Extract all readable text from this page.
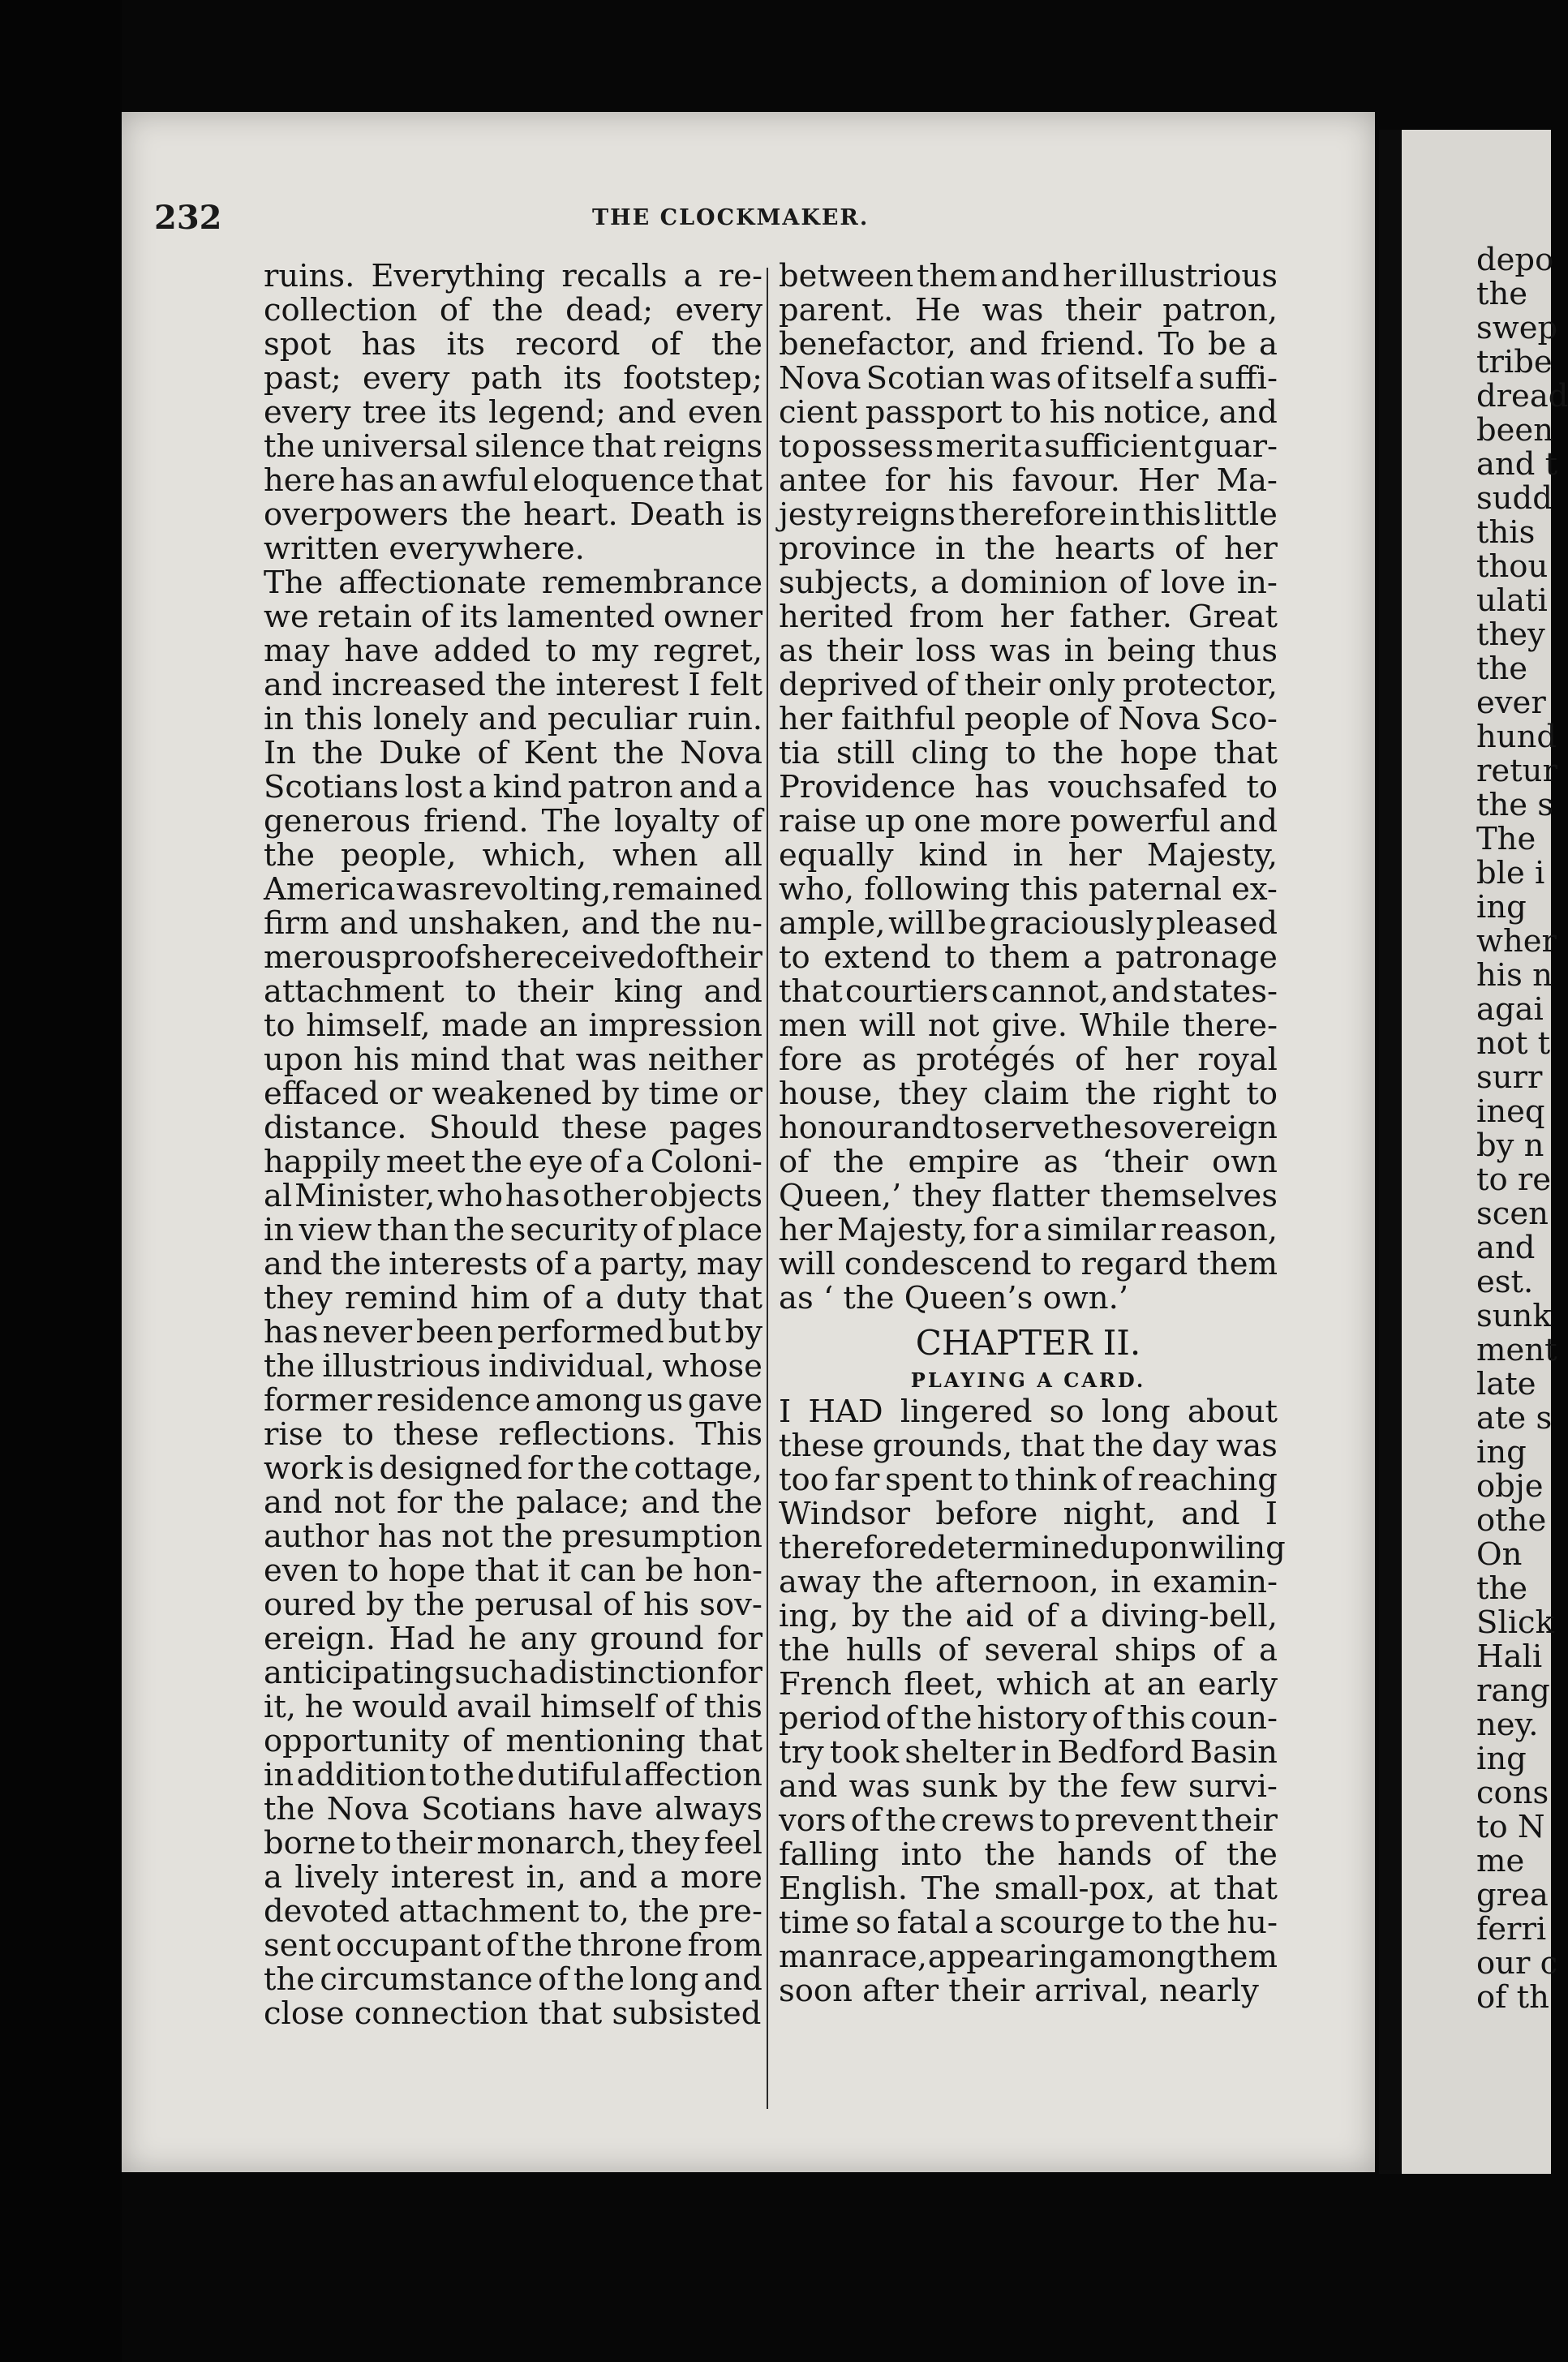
232	THE CLOCKMAKER.
ruins. Everything recalls a re-
collection of the dead; every
spot has its record of the
past; every path its footstep;
every tree its legend; and even
the universal silence that reigns
here has an awful eloquence that
overpowers the heart. Death is
written everywhere.
The affectionate remembrance
we retain of its lamented owner
may have added to my regret,
and increased the interest I felt
in this lonely and peculiar ruin.
In the Duke of Kent the Nova
Scotians lost a kind patron and a
generous friend. The loyalty of
the people, which, when all
America was revolting, remained
firm and unshaken, and the nu-
merous proofs he received of their
attachment to their king and
to himself, made an impression
upon his mind that was neither
effaced or weakened by time or
distance. Should these pages
happily meet the eye of a Coloni-
al Minister, who has other objects
in view than the security of place
and the interests of a party, may
they remind him of a duty that
has never been performed but by
the illustrious individual, whose
former residence among us gave
rise to these reflections. This
work is designed for the cottage,
and not for the palace; and the
author has not the presumption
even to hope that it can be hon-
oured by the perusal of his sov-
ereign. Had he any ground for
anticipating such a distinction for
it, he would avail himself of this
opportunity of mentioning that
in addition to the dutiful affection
the Nova Scotians have always
borne to their monarch, they feel
a lively interest in, and a more
devoted attachment to, the pre-
sent occupant of the throne from
the circumstance of the long and
close connection that subsisted
between them and her illustrious
parent. He was their patron,
benefactor, and friend. To be a
Nova Scotian was of itself a suffi-
cient passport to his notice, and
to possess merit a sufficient guar-
antee for his favour. Her Ma-
jesty reigns therefore in this little
province in the hearts of her
subjects, a dominion of love in-
herited from her father. Great
as their loss was in being thus
deprived of their only protector,
her faithful people of Nova Sco-
tia still cling to the hope that
Providence has vouchsafed to
raise up one more powerful and
equally kind in her Majesty,
who, following this paternal ex-
ample, will be graciously pleased
to extend to them a patronage
that courtiers cannot, and states-
men will not give. While there-
fore as protégés of her royal
house, they claim the right to
honour and to serve the sovereign
of the empire as ‘their own
Queen,’ they flatter themselves
her Majesty, for a similar reason,
will condescend to regard them
as ‘ the Queen’s own.’
CHAPTER II.
PLAYING A CARD.
I HAD lingered so long about
these grounds, that the day was
too far spent to think of reaching
Windsor before night, and I
therefore determined upon wiling
away the afternoon, in examin-
ing, by the aid of a diving-bell,
the hulls of several ships of a
French fleet, which at an early
period of the history of this coun-
try took shelter in Bedford Basin
and was sunk by the few survi-
vors of the crews to prevent their
falling into the hands of the
English. The small-pox, at that
time so fatal a scourge to the hu-
man race, appearing among them
soon after their arrival, nearly
depo
the
swep
tribe
dread
been
and t
sudd
this
thou
ulati
they
the
ever
hund
retur
the s
The
ble i
ing
wher
his n
agai
not t
surr
ineq
by n
to re
scen
and
est.
sunk
ment
late
ate s
ing
obje
othe
On
the
Slick
Hali
rang
ney.
ing
cons
to N
me
grea
ferri
our c
of th
